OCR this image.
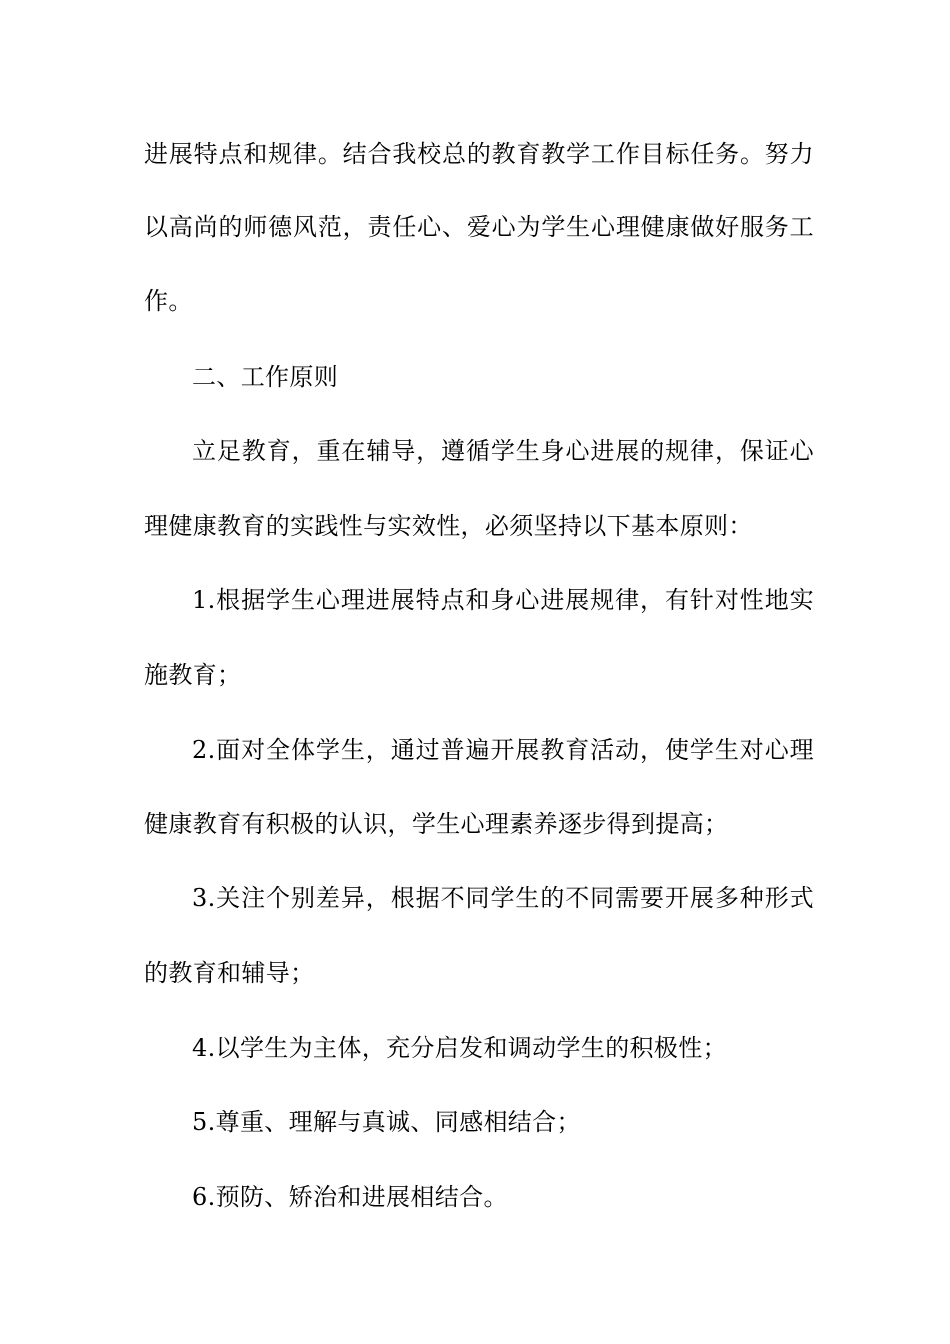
进展特点和规律。结合我校总的教育教学工作目标任务。努力
以高尚的师德风范，责任心、爱心为学生心理健康做好服务工
作。
二、工作原则
立足教育，重在辅导，遵循学生身心进展的规律，保证心
理健康教育的实践性与实效性，必须坚持以下基本原则：
1.根据学生心理进展特点和身心进展规律，有针对性地实
施教育；
2.面对全体学生，通过普遍开展教育活动，使学生对心理
健康教育有积极的认识，学生心理素养逐步得到提高；
3.关注个别差异，根据不同学生的不同需要开展多种形式
的教育和辅导；
4.以学生为主体，充分启发和调动学生的积极性；
5.尊重、理解与真诚、同感相结合；
6.预防、矫治和进展相结合。
